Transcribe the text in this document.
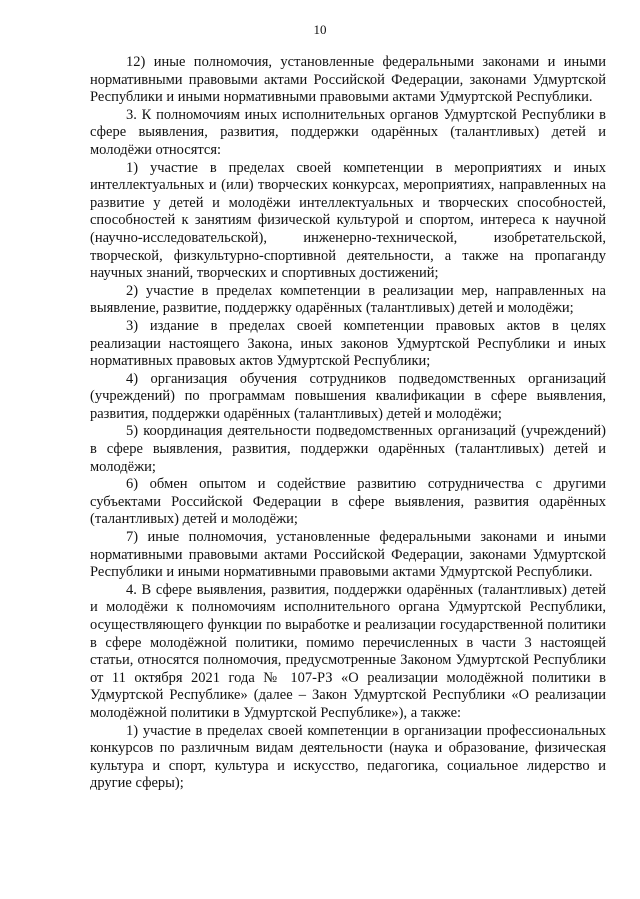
10

12) иные полномочия, установленные федеральными законами и иными нормативными правовыми актами Российской Федерации, законами Удмуртской Республики и иными нормативными правовыми актами Удмуртской Республики.

3. К полномочиям иных исполнительных органов Удмуртской Республики в сфере выявления, развития, поддержки одарённых (талантливых) детей и молодёжи относятся:

1) участие в пределах своей компетенции в мероприятиях и иных интеллектуальных и (или) творческих конкурсах, мероприятиях, направленных на развитие у детей и молодёжи интеллектуальных и творческих способностей, способностей к занятиям физической культурой и спортом, интереса к научной (научно-исследовательской), инженерно-технической, изобретательской, творческой, физкультурно-спортивной деятельности, а также на пропаганду научных знаний, творческих и спортивных достижений;

2) участие в пределах компетенции в реализации мер, направленных на выявление, развитие, поддержку одарённых (талантливых) детей и молодёжи;

3) издание в пределах своей компетенции правовых актов в целях реализации настоящего Закона, иных законов Удмуртской Республики и иных нормативных правовых актов Удмуртской Республики;

4) организация обучения сотрудников подведомственных организаций (учреждений) по программам повышения квалификации в сфере выявления, развития, поддержки одарённых (талантливых) детей и молодёжи;

5) координация деятельности подведомственных организаций (учреждений) в сфере выявления, развития, поддержки одарённых (талантливых) детей и молодёжи;

6) обмен опытом и содействие развитию сотрудничества с другими субъектами Российской Федерации в сфере выявления, развития одарённых (талантливых) детей и молодёжи;

7) иные полномочия, установленные федеральными законами и иными нормативными правовыми актами Российской Федерации, законами Удмуртской Республики и иными нормативными правовыми актами Удмуртской Республики.

4. В сфере выявления, развития, поддержки одарённых (талантливых) детей и молодёжи к полномочиям исполнительного органа Удмуртской Республики, осуществляющего функции по выработке и реализации государственной политики в сфере молодёжной политики, помимо перечисленных в части 3 настоящей статьи, относятся полномочия, предусмотренные Законом Удмуртской Республики от 11 октября 2021 года № 107-РЗ «О реализации молодёжной политики в Удмуртской Республике» (далее – Закон Удмуртской Республики «О реализации молодёжной политики в Удмуртской Республике»), а также:

1) участие в пределах своей компетенции в организации профессиональных конкурсов по различным видам деятельности (наука и образование, физическая культура и спорт, культура и искусство, педагогика, социальное лидерство и другие сферы);
